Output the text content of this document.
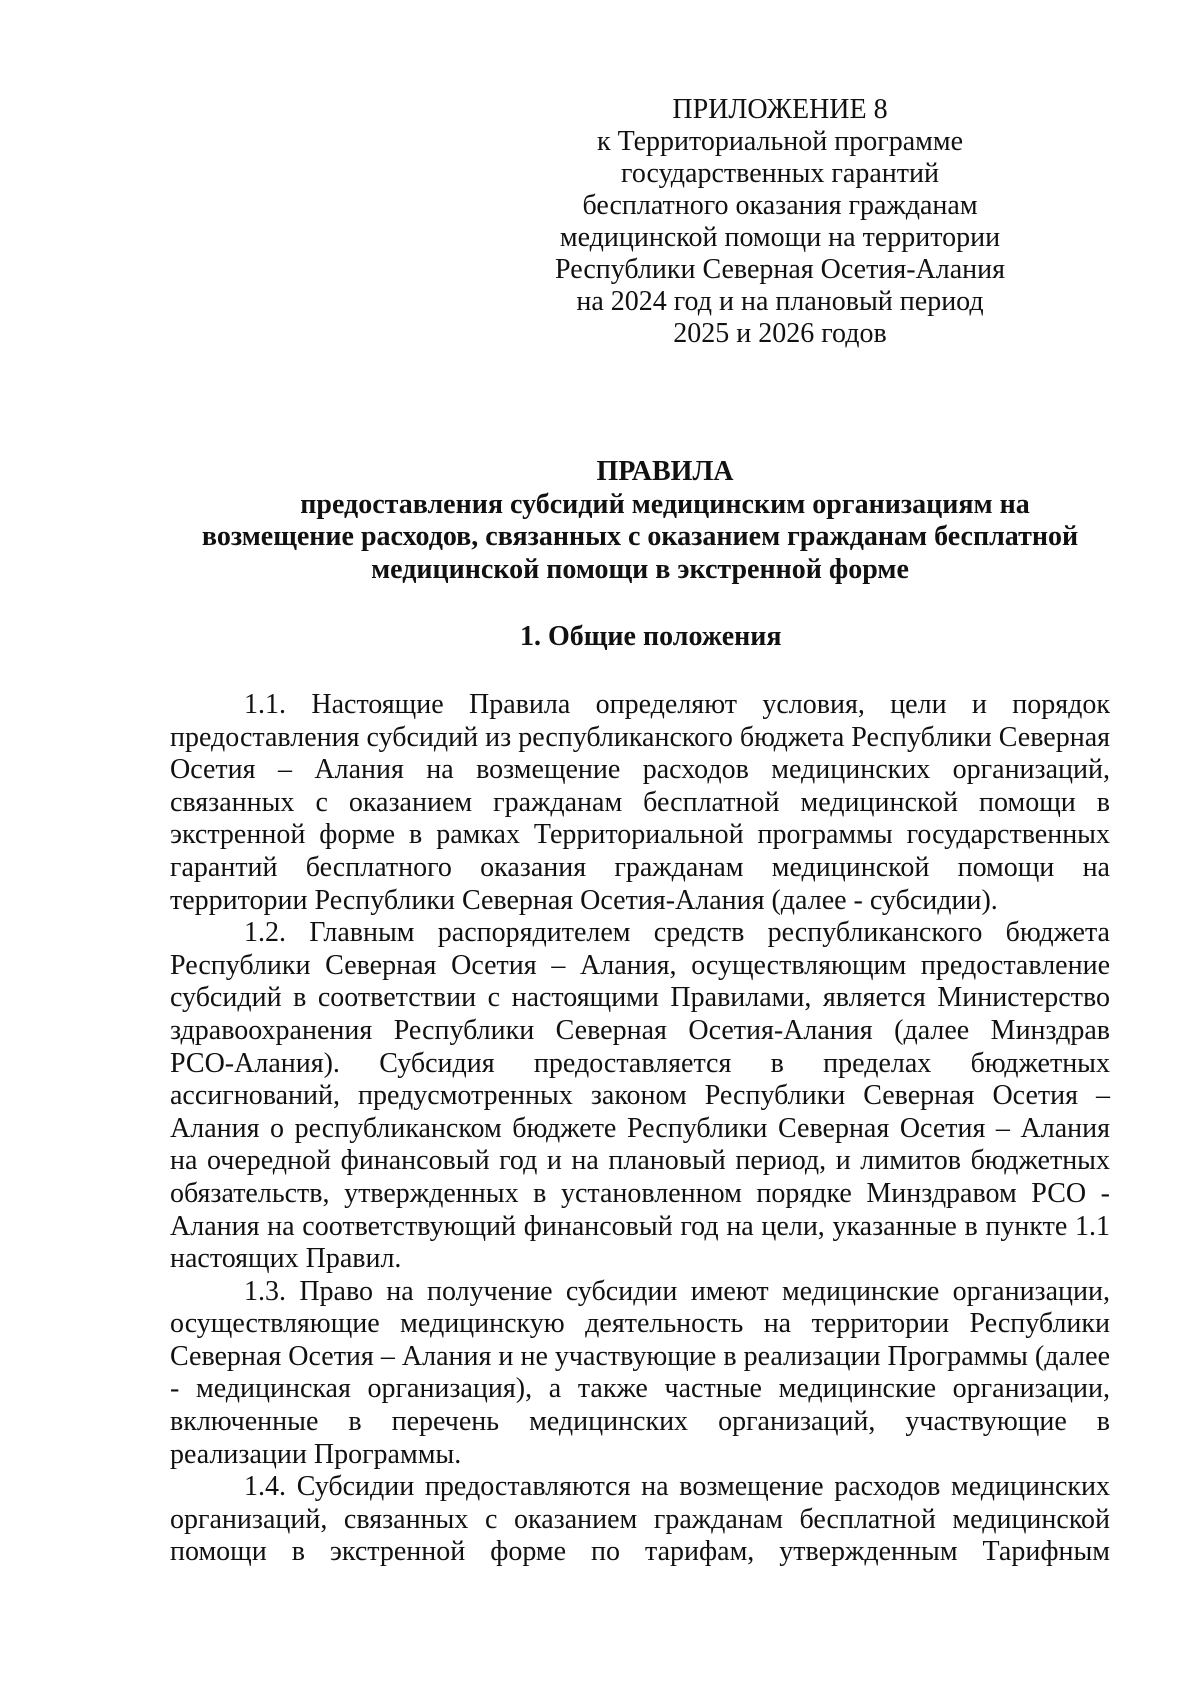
ПРИЛОЖЕНИЕ 8
к Территориальной программе
государственных гарантий
бесплатного оказания гражданам
медицинской помощи на территории
Республики Северная Осетия-Алания
на 2024 год и на плановый период
2025 и 2026 годов
ПРАВИЛА
предоставления субсидий медицинским организациям на
возмещение расходов, связанных с оказанием гражданам бесплатной
медицинской помощи в экстренной форме
1. Общие положения
1.1. Настоящие Правила определяют условия, цели и порядок
предоставления субсидий из республиканского бюджета Республики Северная
Осетия – Алания на возмещение расходов медицинских организаций,
связанных с оказанием гражданам бесплатной медицинской помощи в
экстренной форме в рамках Территориальной программы государственных
гарантий бесплатного оказания гражданам медицинской помощи на
территории Республики Северная Осетия-Алания (далее - субсидии).
1.2. Главным распорядителем средств республиканского бюджета
Республики Северная Осетия – Алания, осуществляющим предоставление
субсидий в соответствии с настоящими Правилами, является Министерство
здравоохранения Республики Северная Осетия-Алания (далее Минздрав
РСО-Алания). Субсидия предоставляется в пределах бюджетных
ассигнований, предусмотренных законом Республики Северная Осетия –
Алания о республиканском бюджете Республики Северная Осетия – Алания
на очередной финансовый год и на плановый период, и лимитов бюджетных
обязательств, утвержденных в установленном порядке Минздравом РСО -
Алания на соответствующий финансовый год на цели, указанные в пункте 1.1
настоящих Правил.
1.3. Право на получение субсидии имеют медицинские организации,
осуществляющие медицинскую деятельность на территории Республики
Северная Осетия – Алания и не участвующие в реализации Программы (далее
- медицинская организация), а также частные медицинские организации,
включенные в перечень медицинских организаций, участвующие в
реализации Программы.
1.4. Субсидии предоставляются на возмещение расходов медицинских
организаций, связанных с оказанием гражданам бесплатной медицинской
помощи в экстренной форме по тарифам, утвержденным Тарифным
